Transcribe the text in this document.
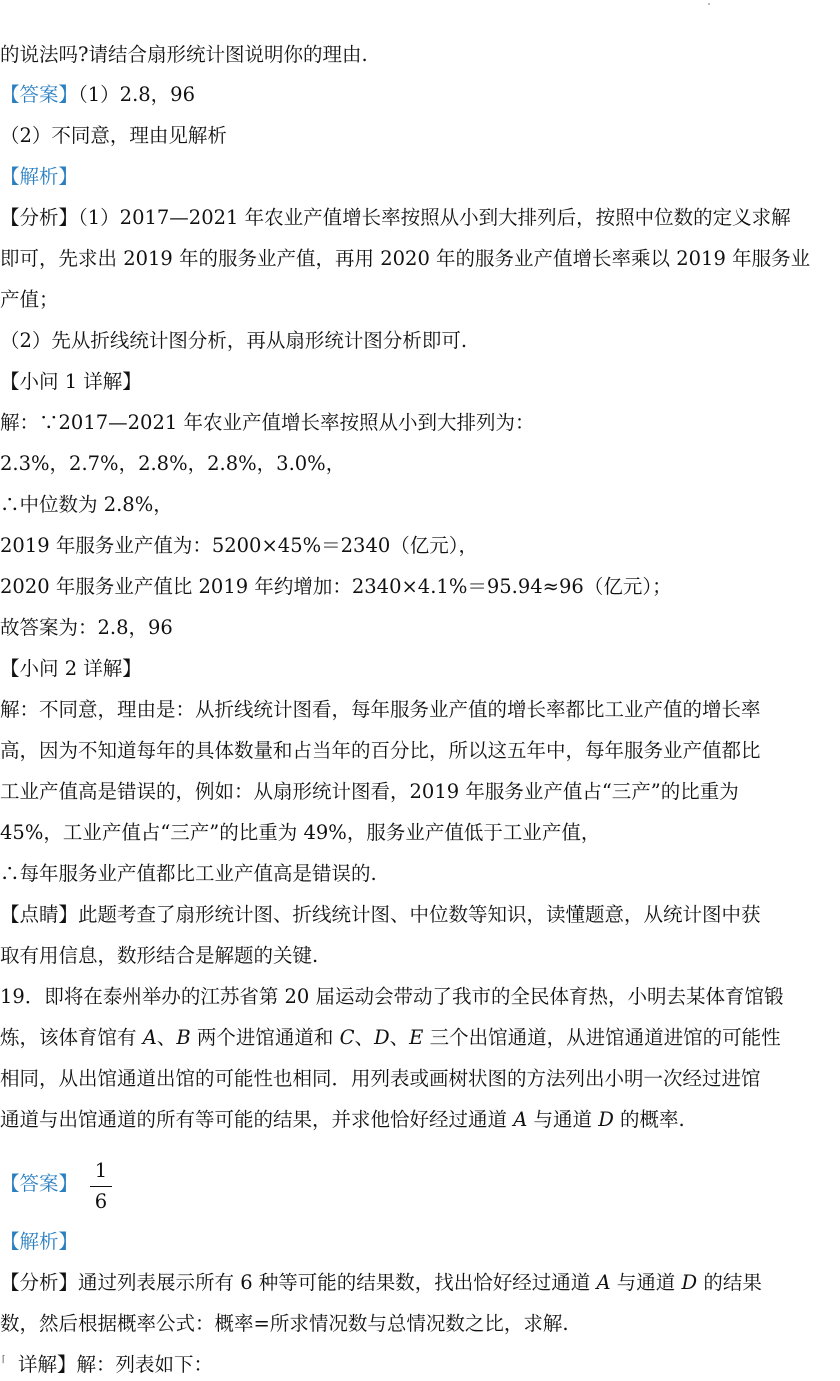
的说法吗?请结合扇形统计图说明你的理由.
【答案】（1）2.8，96
（2）不同意，理由见解析
【解析】
【分析】（1）2017—2021 年农业产值增长率按照从小到大排列后，按照中位数的定义求解
即可，先求出 2019 年的服务业产值，再用 2020 年的服务业产值增长率乘以 2019 年服务业
产值；
（2）先从折线统计图分析，再从扇形统计图分析即可.
【小问 1 详解】
解：∵2017—2021 年农业产值增长率按照从小到大排列为：
2.3%，2.7%，2.8%，2.8%，3.0%，
∴中位数为 2.8%，
2019 年服务业产值为：5200×45%＝2340（亿元），
2020 年服务业产值比 2019 年约增加：2340×4.1%＝95.94≈96（亿元）；
故答案为：2.8，96
【小问 2 详解】
解：不同意，理由是：从折线统计图看，每年服务业产值的增长率都比工业产值的增长率
高，因为不知道每年的具体数量和占当年的百分比，所以这五年中，每年服务业产值都比
工业产值高是错误的，例如：从扇形统计图看，2019 年服务业产值占“三产”的比重为
45%，工业产值占“三产”的比重为 49%，服务业产值低于工业产值，
∴每年服务业产值都比工业产值高是错误的.
【点睛】此题考查了扇形统计图、折线统计图、中位数等知识，读懂题意，从统计图中获
取有用信息，数形结合是解题的关键.
19．即将在泰州举办的江苏省第 20 届运动会带动了我市的全民体育热，小明去某体育馆锻
炼，该体育馆有 A、B 两个进馆通道和 C、D、E 三个出馆通道，从进馆通道进馆的可能性
相同，从出馆通道出馆的可能性也相同．用列表或画树状图的方法列出小明一次经过进馆
通道与出馆通道的所有等可能的结果，并求他恰好经过通道 A 与通道 D 的概率.
【答案】
1
6
【解析】
【分析】通过列表展示所有 6 种等可能的结果数，找出恰好经过通道 A 与通道 D 的结果
数，然后根据概率公式：概率=所求情况数与总情况数之比，求解.
⌈ 详解】解：列表如下：
